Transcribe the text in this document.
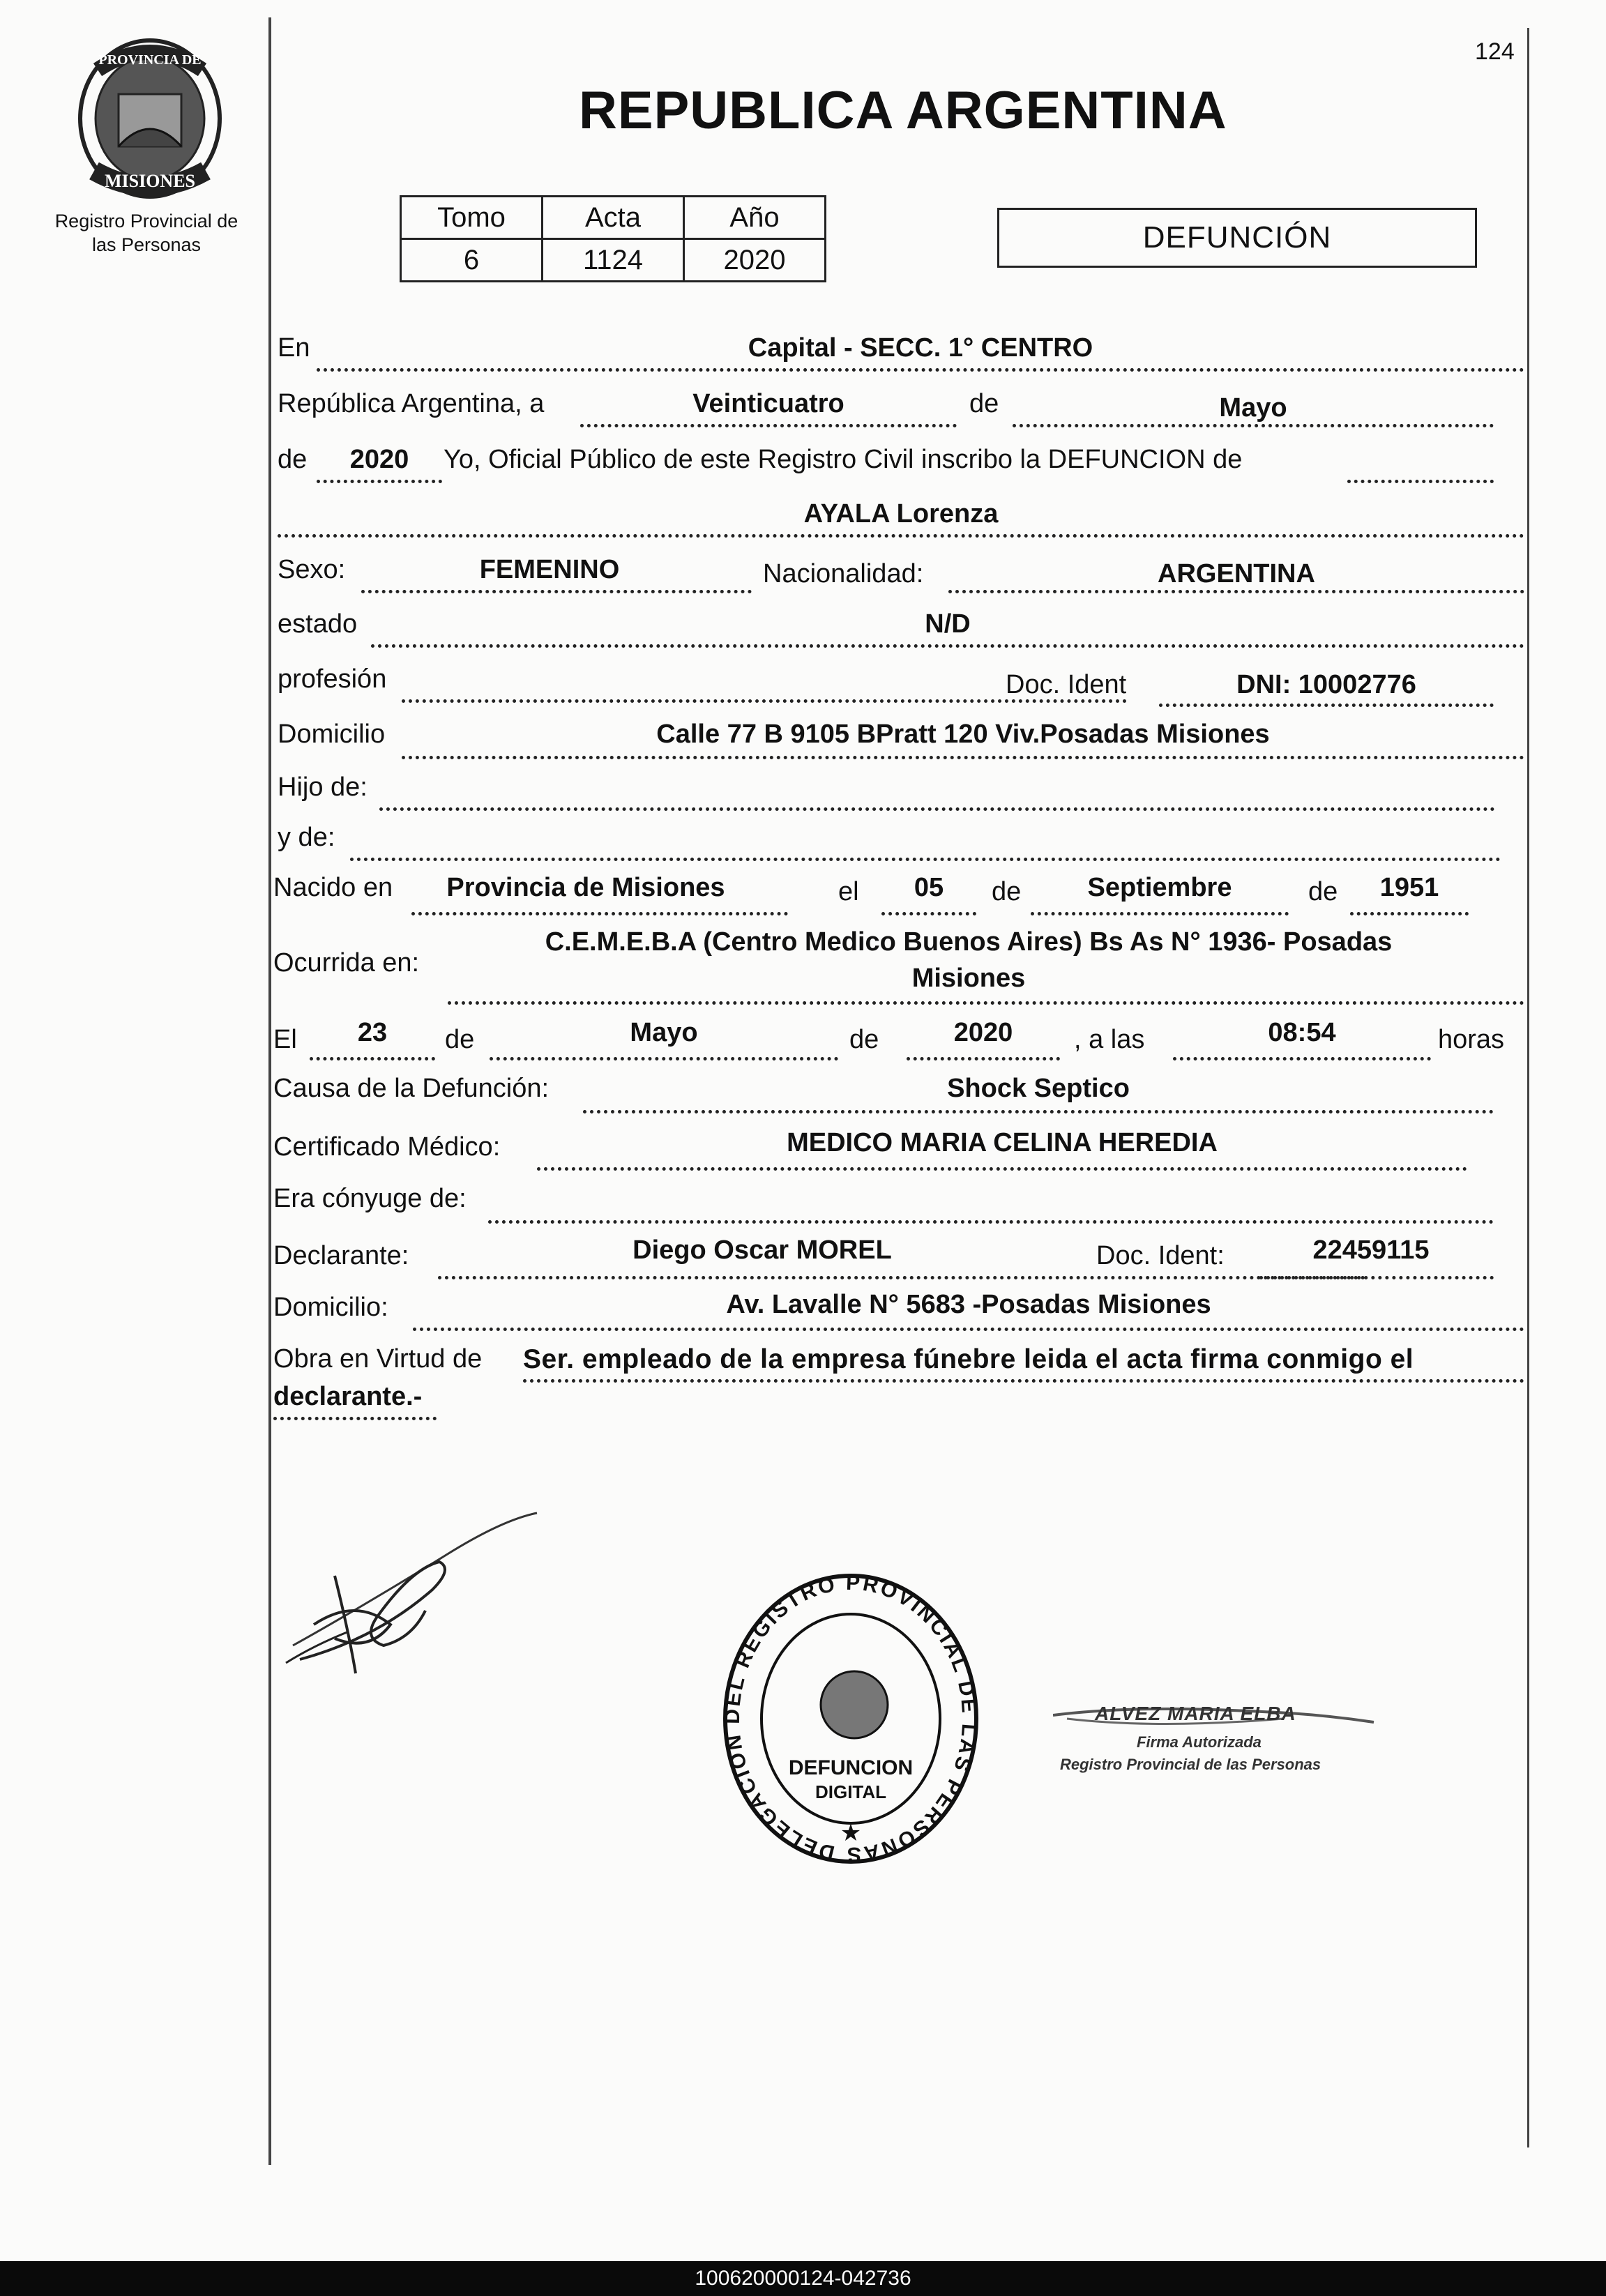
PROVINCIA DE
MISIONES
Registro Provincial de
las Personas
124
REPUBLICA ARGENTINA
Tomo	Acta	Año
6	1124	2020
DEFUNCIÓN
En	Capital - SECC. 1° CENTRO
República Argentina, a	Veinticuatro	de	Mayo
de	2020	Yo, Oficial Público de este Registro Civil inscribo la DEFUNCION de
AYALA Lorenza
Sexo:	FEMENINO	Nacionalidad:	ARGENTINA
estado	N/D
profesión	Doc. Ident	DNI: 10002776
Domicilio	Calle 77 B 9105 BPratt 120 Viv.Posadas Misiones
Hijo de:
y de:
Nacido en	Provincia de Misiones	el	05	de	Septiembre	de	1951
Ocurrida en:
C.E.M.E.B.A (Centro Medico Buenos Aires) Bs As N° 1936- Posadas
Misiones
El	23	de	Mayo	de	2020	, a las	08:54	horas
Causa de la Defunción:	Shock Septico
Certificado Médico:	MEDICO MARIA CELINA HEREDIA
Era cónyuge de:
Declarante:	Diego Oscar MOREL	Doc. Ident:	22459115
Domicilio:	Av. Lavalle N° 5683 -Posadas Misiones
Obra en Virtud de Ser. empleado de la empresa fúnebre leida el acta firma conmigo el
declarante.-
DELEGACION DEL REGISTRO PROVINCIAL DE LAS PERSONAS
DEFUNCION
DIGITAL
★
ALVEZ MARIA ELBA
Firma Autorizada
Registro Provincial de las Personas
100620000124-042736
